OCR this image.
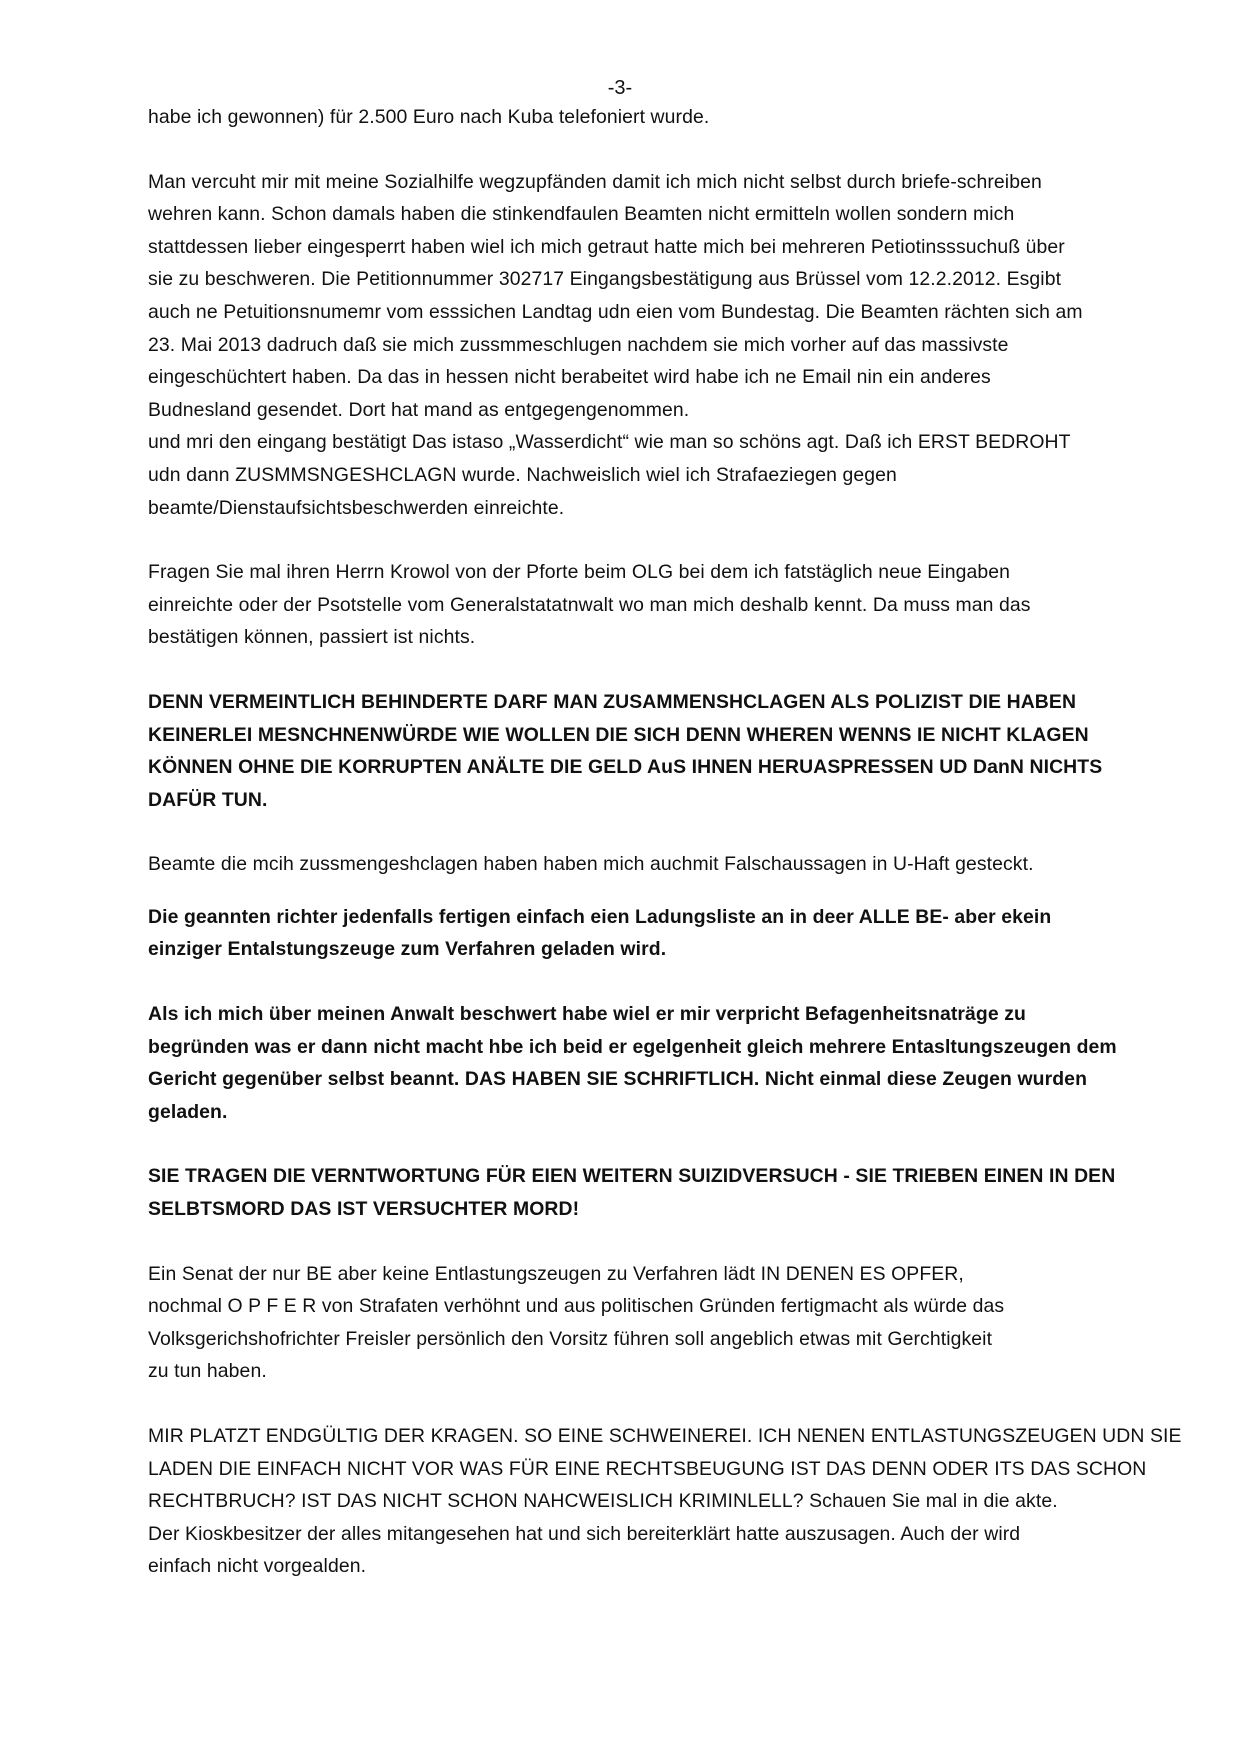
-3-
habe ich gewonnen) für 2.500 Euro nach Kuba telefoniert wurde.
Man vercuht mir mit meine Sozialhilfe wegzupfänden damit ich mich nicht selbst durch briefe-schreiben
wehren kann. Schon damals haben die stinkendfaulen Beamten nicht ermitteln wollen sondern mich
stattdessen lieber eingesperrt haben wiel ich mich getraut hatte mich bei mehreren Petiotinsssuchuß über
sie zu beschweren. Die Petitionnummer 302717 Eingangsbestätigung aus Brüssel vom 12.2.2012. Esgibt
auch ne Petuitionsnumemr vom esssichen Landtag udn eien vom Bundestag. Die Beamten rächten sich am
23. Mai 2013 dadruch daß sie mich zussmmeschlugen nachdem sie mich vorher auf das massivste
eingeschüchtert haben. Da das in hessen nicht berabeitet wird habe ich ne Email nin ein anderes
Budnesland gesendet. Dort hat mand as entgegengenommen.
und mri den eingang bestätigt Das istaso „Wasserdicht“ wie man so schöns agt. Daß ich ERST BEDROHT
udn dann ZUSMMSNGESHCLAGN wurde. Nachweislich wiel ich Strafaeziegen gegen
beamte/Dienstaufsichtsbeschwerden einreichte.
Fragen Sie mal ihren Herrn Krowol von der Pforte beim OLG bei dem ich fatstäglich neue Eingaben
einreichte oder der Psotstelle vom Generalstatatnwalt wo man mich deshalb kennt. Da muss man das
bestätigen können, passiert ist nichts.
DENN VERMEINTLICH BEHINDERTE DARF MAN ZUSAMMENSHCLAGEN ALS POLIZIST DIE HABEN
KEINERLEI MESNCHNENWÜRDE WIE WOLLEN DIE SICH DENN WHEREN WENNS IE NICHT KLAGEN
KÖNNEN OHNE DIE KORRUPTEN ANÄLTE DIE GELD AuS IHNEN HERUASPRESSEN UD DanN NICHTS
DAFÜR TUN.
Beamte die mcih zussmengeshclagen haben haben mich auchmit Falschaussagen in U-Haft gesteckt.
Die geannten richter jedenfalls fertigen einfach eien Ladungsliste an in deer ALLE BE- aber ekein
einziger Entalstungszeuge zum Verfahren geladen wird.
Als ich mich über meinen Anwalt beschwert habe wiel er mir verpricht Befagenheitsnaträge zu
begründen was er dann nicht macht hbe ich beid er egelgenheit gleich mehrere Entasltungszeugen dem
Gericht gegenüber selbst beannt. DAS HABEN SIE SCHRIFTLICH. Nicht einmal diese Zeugen wurden
geladen.
SIE TRAGEN DIE VERNTWORTUNG FÜR EIEN WEITERN SUIZIDVERSUCH - SIE TRIEBEN EINEN IN DEN
SELBTSMORD DAS IST VERSUCHTER MORD!
Ein Senat der nur BE aber keine Entlastungszeugen zu Verfahren lädt IN DENEN ES OPFER,
nochmal O P F E R von Strafaten verhöhnt und aus politischen Gründen fertigmacht als würde das
Volksgerichshofrichter Freisler persönlich den Vorsitz führen soll angeblich etwas mit Gerchtigkeit
zu tun haben.
MIR PLATZT ENDGÜLTIG DER KRAGEN. SO EINE SCHWEINEREI. ICH NENEN ENTLASTUNGSZEUGEN UDN SIE
LADEN DIE EINFACH NICHT VOR WAS FÜR EINE RECHTSBEUGUNG IST DAS DENN ODER ITS DAS SCHON
RECHTBRUCH? IST DAS NICHT SCHON NAHCWEISLICH KRIMINLELL? Schauen Sie mal in die akte.
Der Kioskbesitzer der alles mitangesehen hat und sich bereiterklärt hatte auszusagen. Auch der wird
einfach nicht vorgealden.
